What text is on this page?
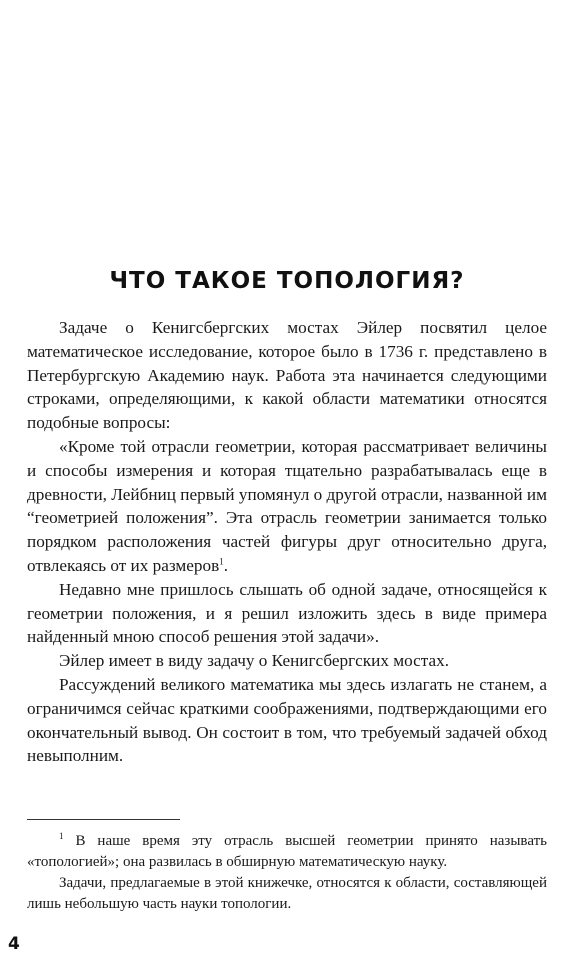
ЧТО ТАКОЕ ТОПОЛОГИЯ?

Задаче о Кенигсбергских мостах Эйлер посвятил целое математическое исследование, которое было в 1736 г. представлено в Петербургскую Академию наук. Работа эта начинается следующими строками, определяющими, к какой области математики относятся подобные вопросы:

«Кроме той отрасли геометрии, которая рассматривает величины и способы измерения и которая тщательно разрабатывалась еще в древности, Лейбниц первый упомянул о другой отрасли, названной им “геометрией положения”. Эта отрасль геометрии занимается только порядком расположения частей фигуры друг относительно друга, отвлекаясь от их размеров$^1$.

Недавно мне пришлось слышать об одной задаче, относящейся к геометрии положения, и я решил изложить здесь в виде примера найденный мною способ решения этой задачи».

Эйлер имеет в виду задачу о Кенигсбергских мостах.

Рассуждений великого математика мы здесь излагать не станем, а ограничимся сейчас краткими соображениями, подтверждающими его окончательный вывод. Он состоит в том, что требуемый задачей обход невыполним.

$^1$ В наше время эту отрасль высшей геометрии принято называть «топологией»; она развилась в обширную математическую науку.

Задачи, предлагаемые в этой книжечке, относятся к области, составляющей лишь небольшую часть науки топологии.

4
